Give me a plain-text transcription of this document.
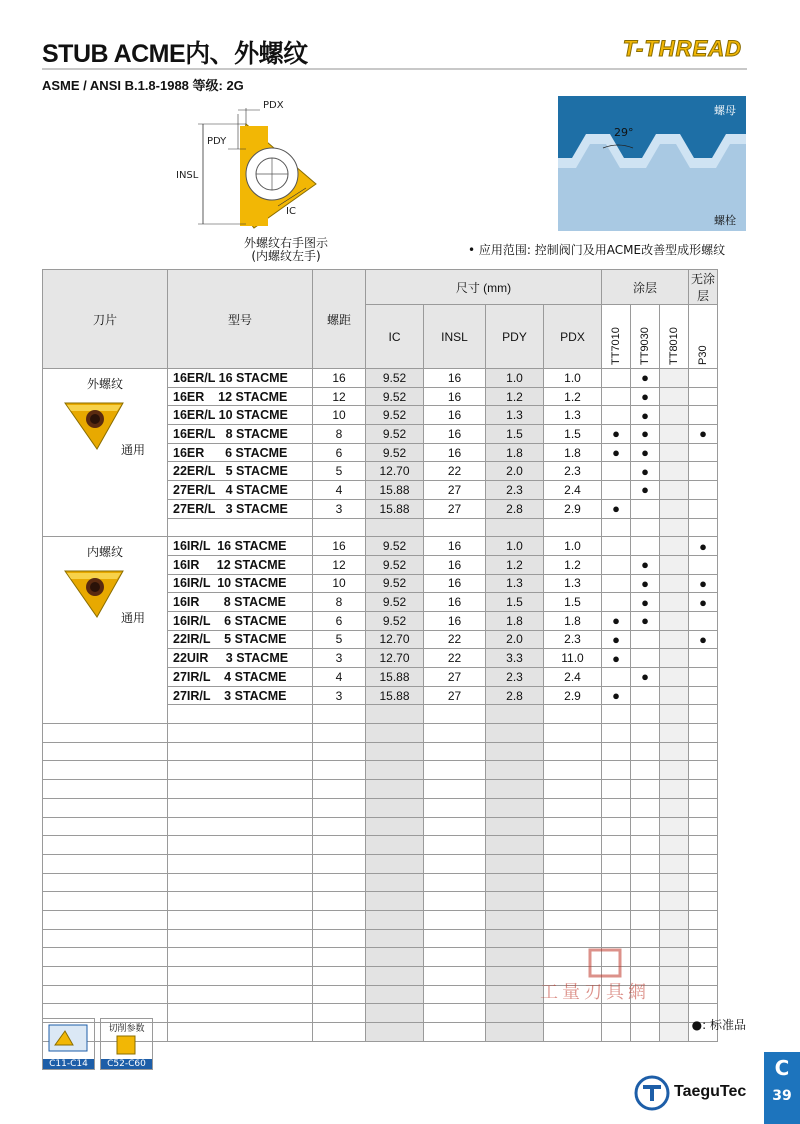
STUB ACME内、外螺纹	T-THREAD
ASME / ANSI B.1.8-1988 等级: 2G
PDX
PDY
INSL
IC
外螺纹右手图示
(内螺纹左手)
29°
螺母
螺栓
• 应用范围: 控制阀门及用ACME改善型成形螺纹
刀片	型号	螺距	尺寸 (mm)				涂层			无涂层
			IC	INSL	PDY	PDX	TT7010	TT9030	TT8010	P30

外螺纹
通用	16ER/L 16 STACME	16	9.52	16	1.0	1.0		●		
	16ER    12 STACME	12	9.52	16	1.2	1.2		●		
	16ER/L 10 STACME	10	9.52	16	1.3	1.3		●		
	16ER/L   8 STACME	8	9.52	16	1.5	1.5	●	●		●
	16ER      6 STACME	6	9.52	16	1.8	1.8	●	●		
	22ER/L   5 STACME	5	12.70	22	2.0	2.3		●		
	27ER/L   4 STACME	4	15.88	27	2.3	2.4		●		
	27ER/L   3 STACME	3	15.88	27	2.8	2.9	●			

内螺纹
通用	16IR/L  16 STACME	16	9.52	16	1.0	1.0				●
	16IR     12 STACME	12	9.52	16	1.2	1.2		●		
	16IR/L  10 STACME	10	9.52	16	1.3	1.3		●		●
	16IR       8 STACME	8	9.52	16	1.5	1.5		●		●
	16IR/L    6 STACME	6	9.52	16	1.8	1.8	●	●		
	22IR/L    5 STACME	5	12.70	22	2.0	2.3	●			●
	22UIR     3 STACME	3	12.70	22	3.3	11.0	●			
	27IR/L    4 STACME	4	15.88	27	2.3	2.4		●		
	27IR/L    3 STACME	3	15.88	27	2.8	2.9	●			

工量刃具網
●: 标准品
C11-C14
切削参数
C52-C60
TaeguTec
C
39
